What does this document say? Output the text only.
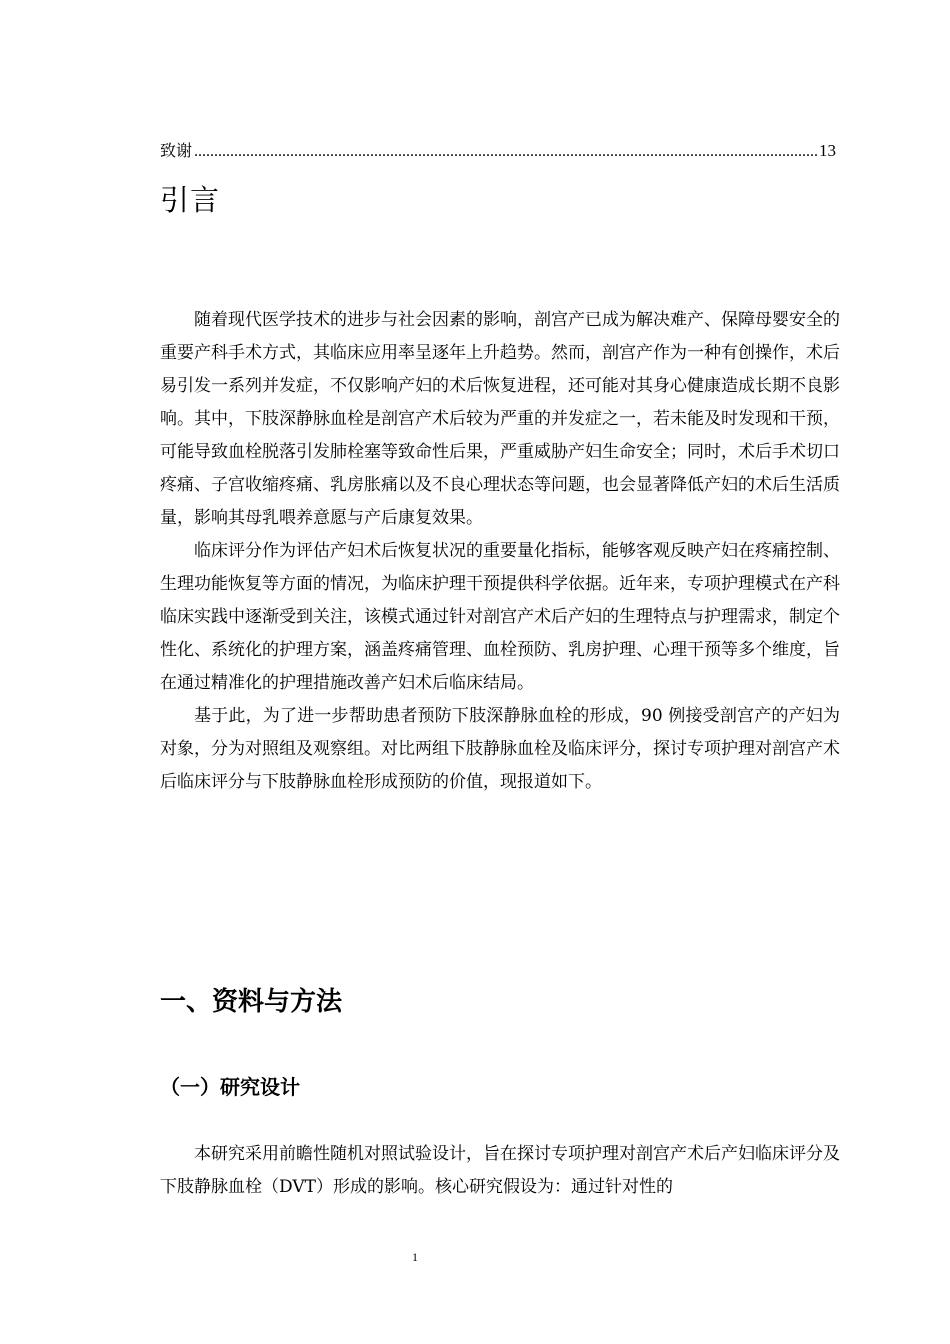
致谢
.....	13
引言

随着现代医学技术的进步与社会因素的影响，剖宫产已成为解决难产、保障母婴安全的重要产科手术方式，其临床应用率呈逐年上升趋势。然而，剖宫产作为一种有创操作，术后易引发一系列并发症，不仅影响产妇的术后恢复进程，还可能对其身心健康造成长期不良影响。其中，下肢深静脉血栓是剖宫产术后较为严重的并发症之一，若未能及时发现和干预，可能导致血栓脱落引发肺栓塞等致命性后果，严重威胁产妇生命安全；同时，术后手术切口疼痛、子宫收缩疼痛、乳房胀痛以及不良心理状态等问题，也会显著降低产妇的术后生活质量，影响其母乳喂养意愿与产后康复效果。

临床评分作为评估产妇术后恢复状况的重要量化指标，能够客观反映产妇在疼痛控制、生理功能恢复等方面的情况，为临床护理干预提供科学依据。近年来，专项护理模式在产科临床实践中逐渐受到关注，该模式通过针对剖宫产术后产妇的生理特点与护理需求，制定个性化、系统化的护理方案，涵盖疼痛管理、血栓预防、乳房护理、心理干预等多个维度，旨在通过精准化的护理措施改善产妇术后临床结局。

基于此，为了进一步帮助患者预防下肢深静脉血栓的形成，90 例接受剖宫产的产妇为对象，分为对照组及观察组。对比两组下肢静脉血栓及临床评分，探讨专项护理对剖宫产术后临床评分与下肢静脉血栓形成预防的价值，现报道如下。

一、资料与方法
（一）研究设计

本研究采用前瞻性随机对照试验设计，旨在探讨专项护理对剖宫产术后产妇临床评分及下肢静脉血栓（DVT）形成的影响。核心研究假设为：通过针对性的

1
